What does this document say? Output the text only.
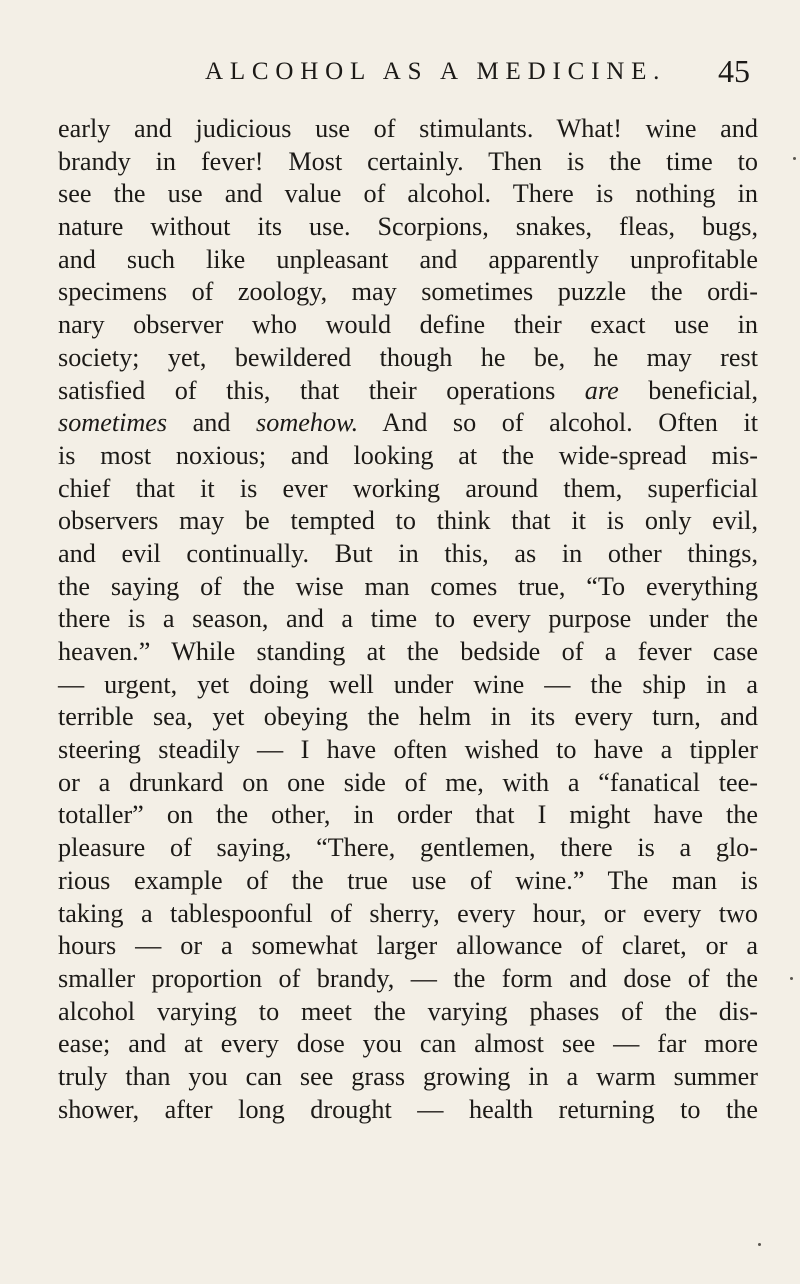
ALCOHOL AS A MEDICINE. 45
early and judicious use of stimulants. What! wine and
brandy in fever! Most certainly. Then is the time to
see the use and value of alcohol. There is nothing in
nature without its use. Scorpions, snakes, fleas, bugs,
and such like unpleasant and apparently unprofitable
specimens of zoology, may sometimes puzzle the ordi-
nary observer who would define their exact use in
society; yet, bewildered though he be, he may rest
satisfied of this, that their operations are beneficial,
sometimes and somehow. And so of alcohol. Often it
is most noxious; and looking at the wide-spread mis-
chief that it is ever working around them, superficial
observers may be tempted to think that it is only evil,
and evil continually. But in this, as in other things,
the saying of the wise man comes true, “To everything
there is a season, and a time to every purpose under the
heaven.” While standing at the bedside of a fever case
— urgent, yet doing well under wine — the ship in a
terrible sea, yet obeying the helm in its every turn, and
steering steadily — I have often wished to have a tippler
or a drunkard on one side of me, with a “fanatical tee-
totaller” on the other, in order that I might have the
pleasure of saying, “There, gentlemen, there is a glo-
rious example of the true use of wine.” The man is
taking a tablespoonful of sherry, every hour, or every two
hours — or a somewhat larger allowance of claret, or a
smaller proportion of brandy, — the form and dose of the
alcohol varying to meet the varying phases of the dis-
ease; and at every dose you can almost see — far more
truly than you can see grass growing in a warm summer
shower, after long drought — health returning to the
